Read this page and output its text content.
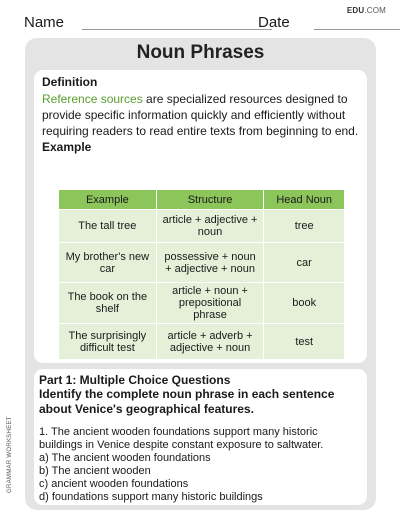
Name	Date
EDU.COM
Noun Phrases
Definition

Reference sources are specialized resources designed to provide specific information quickly and efficiently without requiring readers to read entire texts from beginning to end.

Example
Example	Structure	Head Noun
The tall tree	article + adjective + noun	tree
My brother's new car	possessive + noun + adjective + noun	car
The book on the shelf	article + noun + prepositional phrase	book
The surprisingly difficult test	article + adverb + adjective + noun	test
Part 1: Multiple Choice Questions
Identify the complete noun phrase in each sentence about Venice's geographical features.

1. The ancient wooden foundations support many historic buildings in Venice despite constant exposure to saltwater.

a) The ancient wooden foundations
b) The ancient wooden
c) ancient wooden foundations
d) foundations support many historic buildings
GRAMMAR WORKSHEET
